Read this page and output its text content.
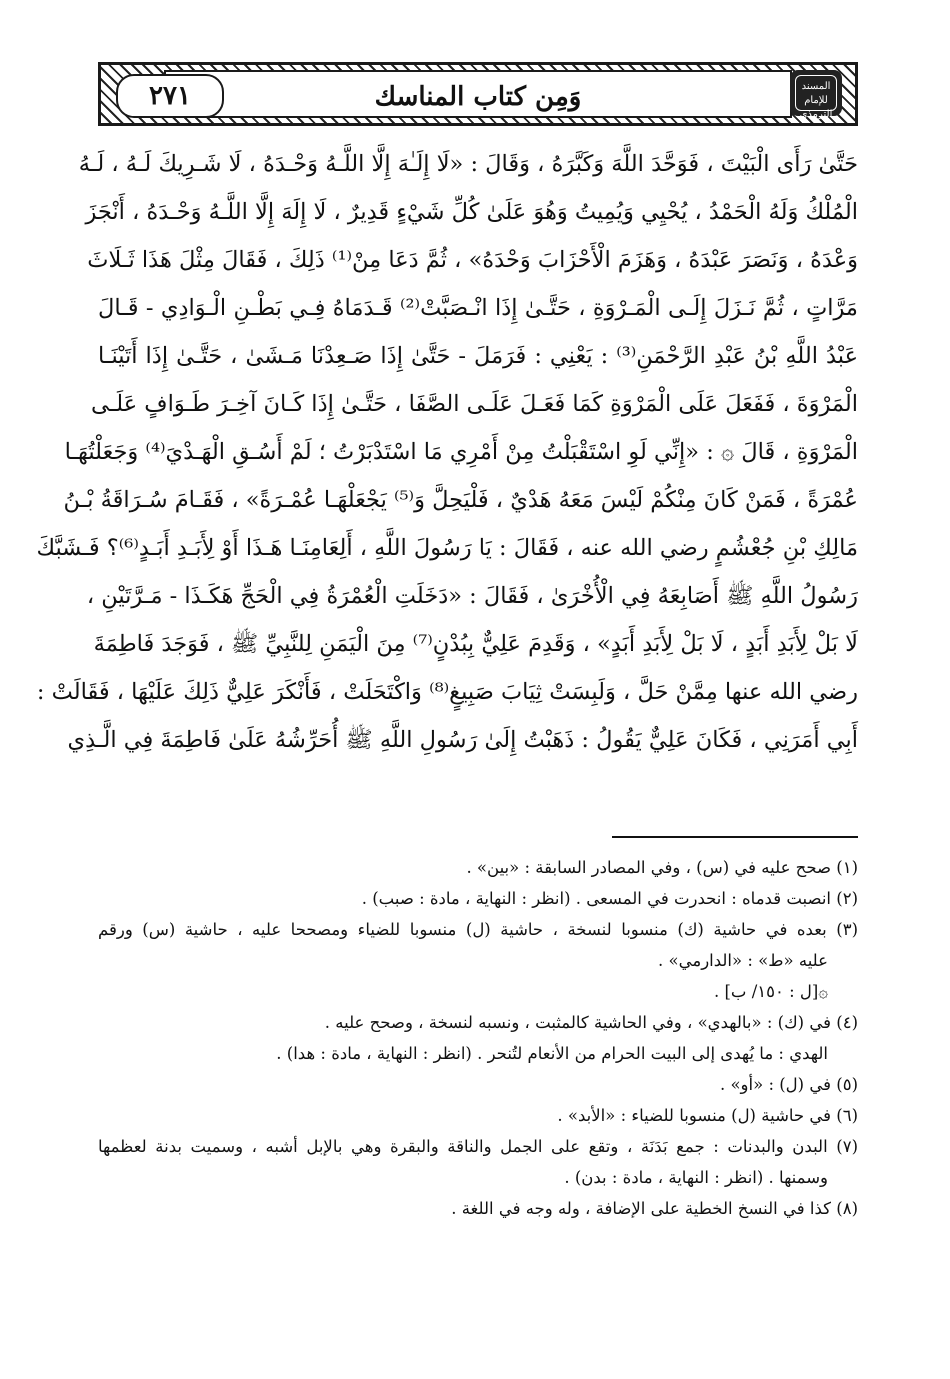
وَمِن كتاب المناسك
٢٧١	المسند للإمام الترمذي
حَتَّىٰ رَأَى الْبَيْتَ ، فَوَحَّدَ اللَّهَ وَكَبَّرَهُ ، وَقَالَ : «لَا إِلَـٰهَ إِلَّا اللَّـهُ وَحْـدَهُ ، لَا شَـرِيكَ لَـهُ ، لَـهُ
الْمُلْكُ وَلَهُ الْحَمْدُ ، يُحْيِي وَيُمِيتُ وَهُوَ عَلَىٰ كُلِّ شَيْءٍ قَدِيرٌ ، لَا إِلَهَ إِلَّا اللَّـهُ وَحْـدَهُ ، أَنْجَزَ
وَعْدَهُ ، وَنَصَرَ عَبْدَهُ ، وَهَزَمَ الْأَحْزَابَ وَحْدَهُ» ، ثُمَّ دَعَا مِنْ⁽¹⁾ ذَلِكَ ، فَقَالَ مِثْلَ هَذَا ثَـلَاثَ
مَرَّاتٍ ، ثُمَّ نَـزَلَ إِلَـى الْمَـرْوَةِ ، حَتَّـىٰ إِذَا انْـصَبَّتْ⁽²⁾ قَـدَمَاهُ فِـي بَطْـنِ الْـوَادِي - قَـالَ
عَبْدُ اللَّهِ بْنُ عَبْدِ الرَّحْمَنِ⁽³⁾ : يَعْنِي : فَرَمَلَ - حَتَّىٰ إِذَا صَـعِدْنَا مَـشَىٰ ، حَتَّـىٰ إِذَا أَتَيْنَـا
الْمَرْوَةَ ، فَفَعَلَ عَلَى الْمَرْوَةِ كَمَا فَعَـلَ عَلَـى الصَّفَا ، حَتَّـىٰ إِذَا كَـانَ آخِـرَ طَـوَافٍ عَلَـى
الْمَرْوَةِ ، قَالَ ۞ : «إِنِّي لَوِ اسْتَقْبَلْتُ مِنْ أَمْرِي مَا اسْتَدْبَرْتُ ؛ لَمْ أَسُـقِ الْهَـدْيَ⁽⁴⁾ وَجَعَلْتُهَـا
عُمْرَةً ، فَمَنْ كَانَ مِنْكُمْ لَيْسَ مَعَهُ هَدْيٌ ، فَلْيَحِلَّ وَ⁽⁵⁾ يَجْعَلْهَـا عُمْـرَةً» ، فَقَـامَ سُـرَاقَةُ بْـنُ
مَالِكِ بْنِ جُعْشُمٍ رضي الله عنه ، فَقَالَ : يَا رَسُولَ اللَّهِ ، أَلِعَامِنَـا هَـذَا أَوْ لِأَبَـدِ أَبَـدٍ⁽⁶⁾؟ فَـشَبَّكَ
رَسُولُ اللَّهِ ﷺ أَصَابِعَهُ فِي الْأُخْرَىٰ ، فَقَالَ : «دَخَلَتِ الْعُمْرَةُ فِي الْحَجِّ هَكَـذَا - مَـرَّتَيْنِ ،
لَا بَلْ لِأَبَدِ أَبَدٍ ، لَا بَلْ لِأَبَدِ أَبَدٍ» ، وَقَدِمَ عَلِيٌّ بِبُدْنٍ⁽⁷⁾ مِنَ الْيَمَنِ لِلنَّبِيِّ ﷺ ، فَوَجَدَ فَاطِمَةَ
رضي الله عنها مِمَّنْ حَلَّ ، وَلَبِسَتْ ثِيَابَ صَبِيغٍ⁽⁸⁾ وَاكْتَحَلَتْ ، فَأَنْكَرَ عَلِيٌّ ذَلِكَ عَلَيْهَا ، فَقَالَتْ :
أَبِي أَمَرَنِي ، فَكَانَ عَلِيٌّ يَقُولُ : ذَهَبْتُ إِلَىٰ رَسُولِ اللَّهِ ﷺ أُحَرِّشُهُ عَلَىٰ فَاطِمَةَ فِي الَّـذِي
(١) صحح عليه في (س) ، وفي المصادر السابقة : «بين» .
(٢) انصبت قدماه : انحدرت في المسعى . (انظر : النهاية ، مادة : صبب) .
(٣) بعده في حاشية (ك) منسوبا لنسخة ، حاشية (ل) منسوبا للضياء ومصححا عليه ، حاشية (س) ورقم
عليه «ط» : «الدارمي» .
۞[ل : ١٥٠/ ب] .
(٤) في (ك) : «بالهدي» ، وفي الحاشية كالمثبت ، ونسبه لنسخة ، وصحح عليه .
الهدي : ما يُهدى إلى البيت الحرام من الأنعام لتُنحر . (انظر : النهاية ، مادة : هدا) .
(٥) في (ل) : «أو» .
(٦) في حاشية (ل) منسوبا للضياء : «الأبد» .
(٧) البدن والبدنات : جمع بَدَنَة ، وتقع على الجمل والناقة والبقرة وهي بالإبل أشبه ، وسميت بدنة لعظمها
وسمنها . (انظر : النهاية ، مادة : بدن) .
(٨) كذا في النسخ الخطية على الإضافة ، وله وجه في اللغة .
